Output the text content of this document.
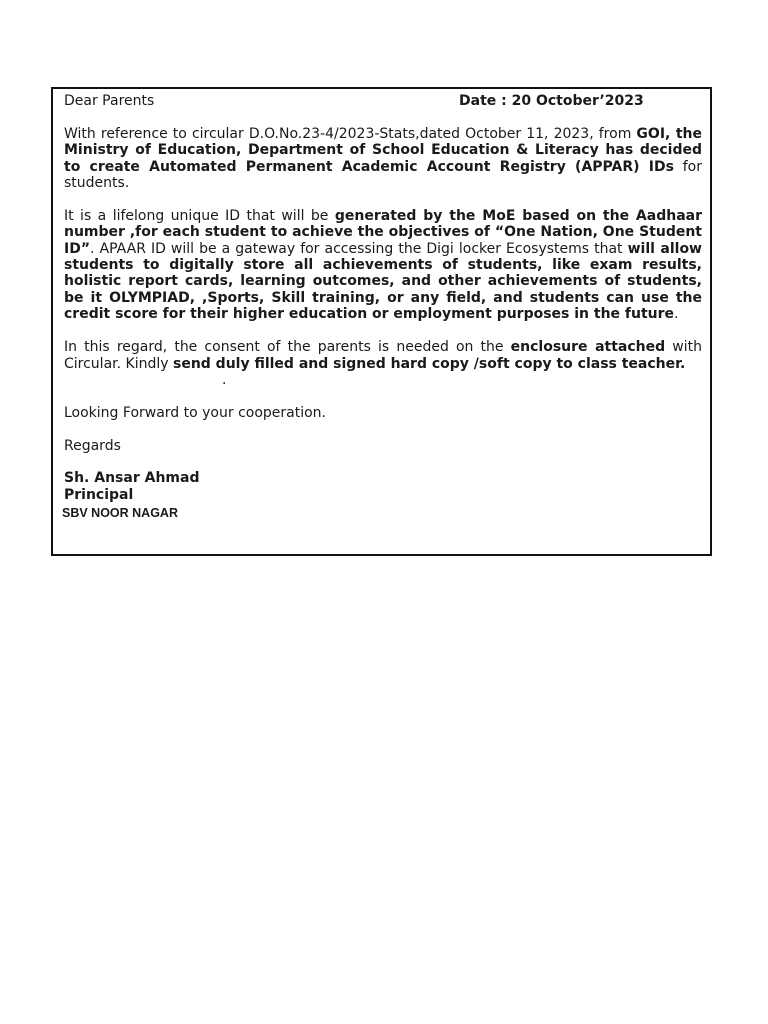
Dear Parents	Date : 20 October’2023

With reference to circular D.O.No.23-4/2023-Stats,dated October 11, 2023, from GOI, the Ministry of Education, Department of School Education & Literacy has decided to create Automated Permanent Academic Account Registry (APPAR) IDs for students.

It is a lifelong unique ID that will be generated by the MoE based on the Aadhaar number ,for each student to achieve the objectives of “One Nation, One Student ID”. APAAR ID will be a gateway for accessing the Digi locker Ecosystems that will allow students to digitally store all achievements of students, like exam results, holistic report cards, learning outcomes, and other achievements of students, be it OLYMPIAD, ,Sports, Skill training, or any field, and students can use the credit score for their higher education or employment purposes in the future.

In this regard, the consent of the parents is needed on the enclosure attached with Circular. Kindly send duly filled and signed hard copy /soft copy to class teacher.

.

Looking Forward to your cooperation.

Regards

Sh. Ansar Ahmad
Principal
SBV NOOR NAGAR
